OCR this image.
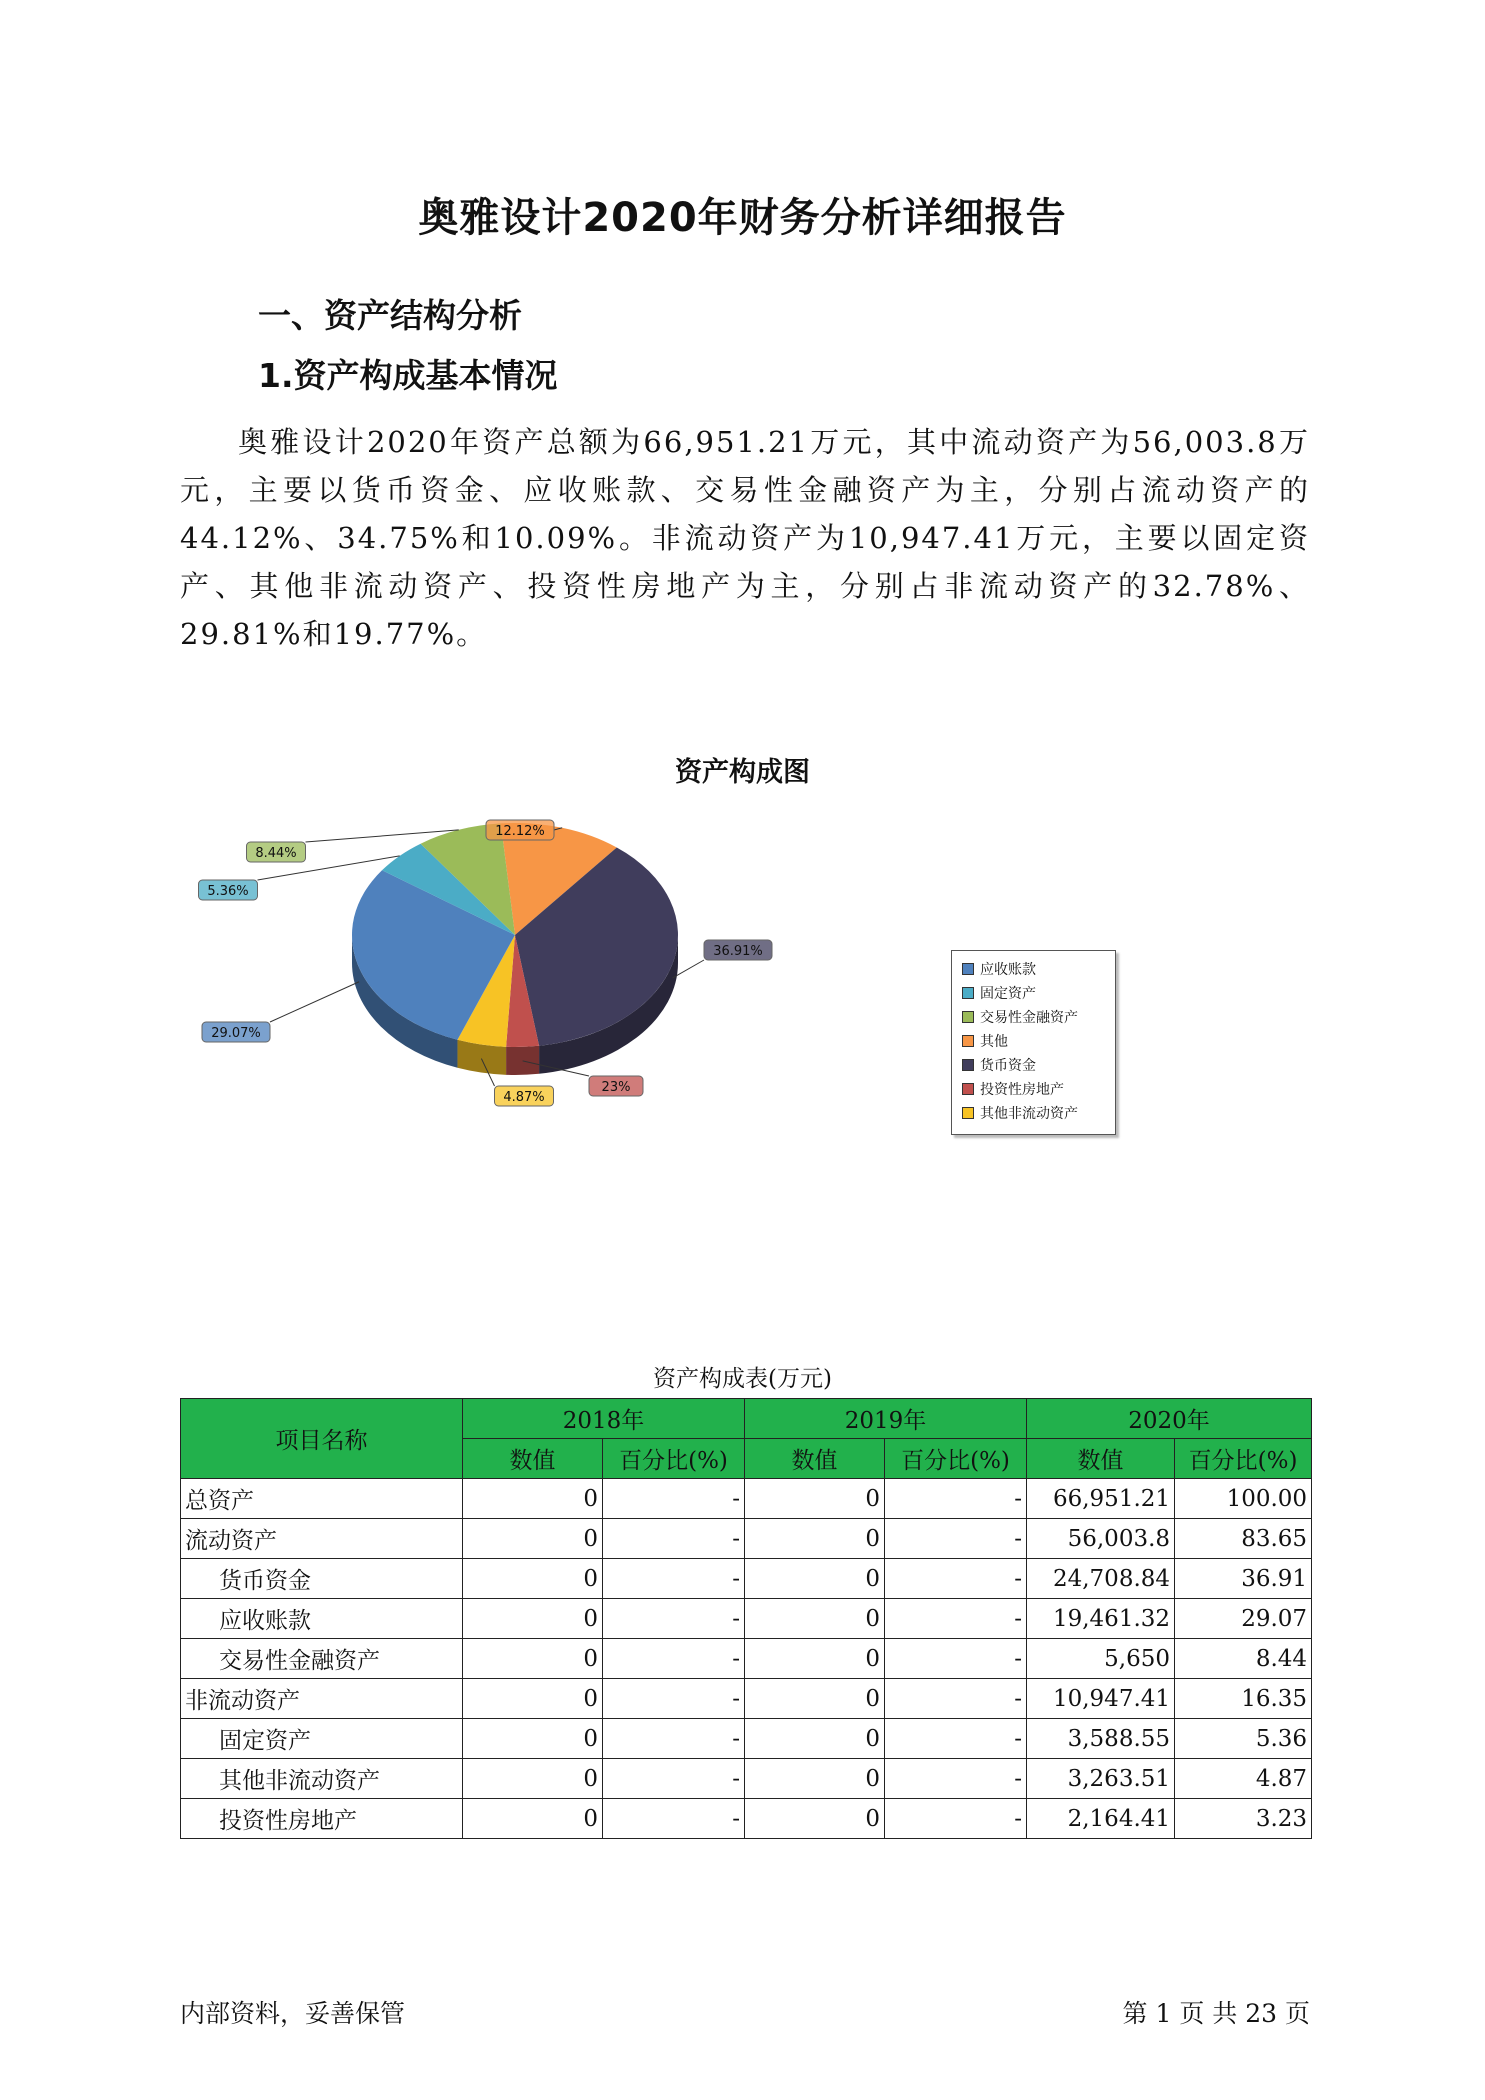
奥雅设计2020年财务分析详细报告
一、资产结构分析
1.资产构成基本情况

奥雅设计2020年资产总额为66,951.21万元，其中流动资产为56,003.8万元，主要以货币资金、应收账款、交易性金融资产为主，分别占流动资产的44.12%、34.75%和10.09%。非流动资产为10,947.41万元，主要以固定资产、其他非流动资产、投资性房地产为主，分别占非流动资产的32.78%、29.81%和19.77%。

资产构成图
12.12%
36.91%
23%
4.87%
29.07%
5.36%
8.44%
应收账款
固定资产
交易性金融资产
其他
货币资金
投资性房地产
其他非流动资产
资产构成表(万元)
项目名称	2018年		2019年		2020年	
	数值	百分比(%)	数值	百分比(%)	数值	百分比(%)
总资产	0	-	0	-	66,951.21	100.00
流动资产	0	-	0	-	56,003.8	83.65
货币资金	0	-	0	-	24,708.84	36.91
应收账款	0	-	0	-	19,461.32	29.07
交易性金融资产	0	-	0	-	5,650	8.44
非流动资产	0	-	0	-	10,947.41	16.35
固定资产	0	-	0	-	3,588.55	5.36
其他非流动资产	0	-	0	-	3,263.51	4.87
投资性房地产	0	-	0	-	2,164.41	3.23
内部资料，妥善保管	第 1 页 共 23 页
